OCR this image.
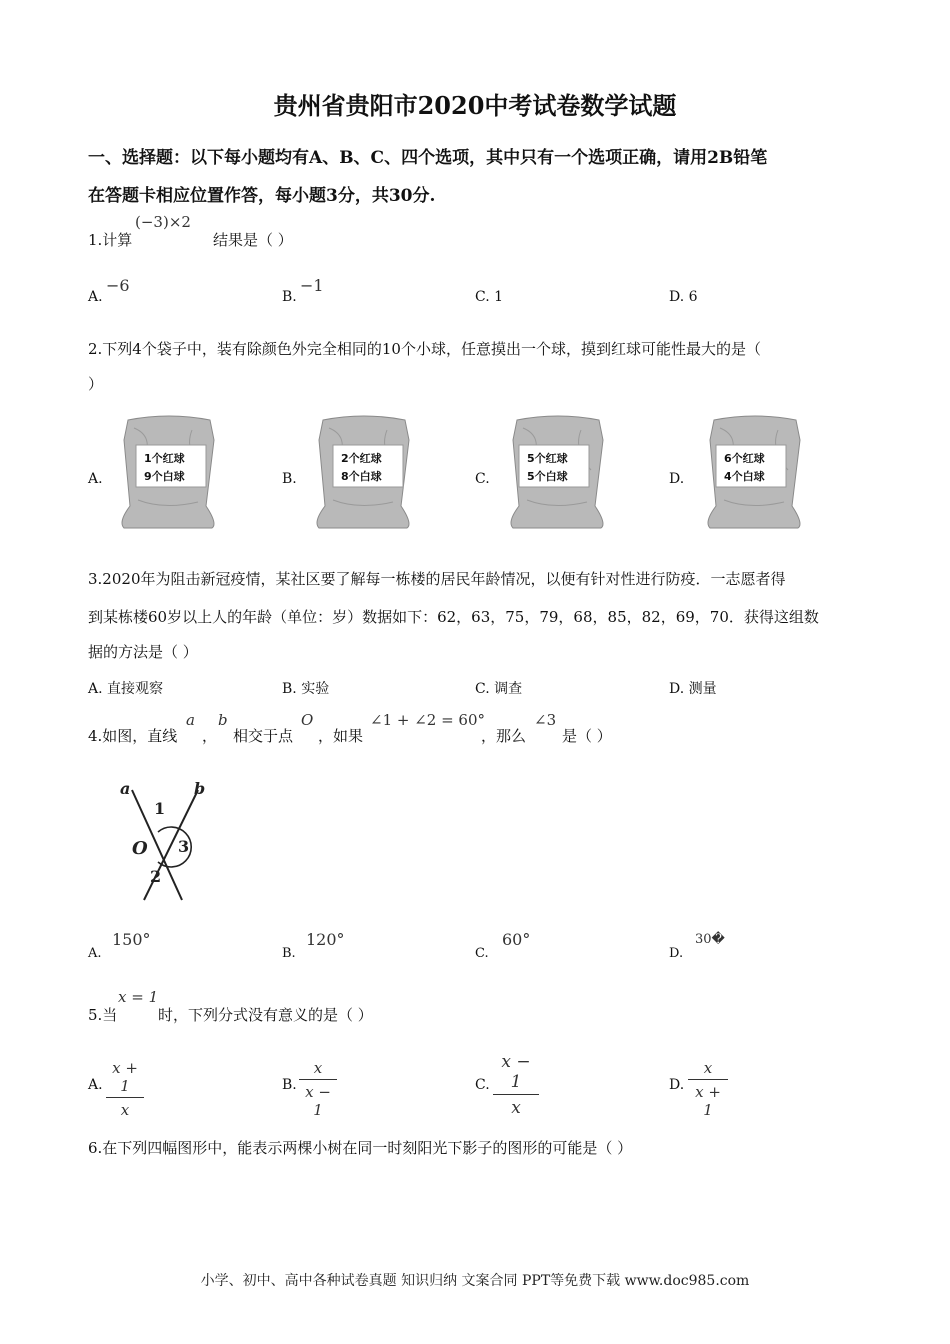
贵州省贵阳市2020中考试卷数学试题
一、选择题：以下每小题均有A、B、C、四个选项，其中只有一个选项正确，请用2B铅笔
在答题卡相应位置作答，每小题3分，共30分.
1.计算
(−3)×2
结果是（ ）
A.
−6
B.
−1
C. 1	D. 6
2.下列4个袋子中，装有除颜色外完全相同的10个小球，任意摸出一个球，摸到红球可能性最大的是（
）
A.	B.	C.	D.
1个红球
9个白球
2个红球
8个白球
5个红球
5个白球
6个红球
4个白球
3.2020年为阻击新冠疫情，某社区要了解每一栋楼的居民年龄情况，以便有针对性进行防疫．一志愿者得
到某栋楼60岁以上人的年龄（单位：岁）数据如下：62，63，75，79，68，85，82，69，70．获得这组数
据的方法是（ ）
A. 直接观察	B. 实验	C. 调查	D. 测量
4.如图，直线
a
，
b
相交于点
O
，如果
∠1 + ∠2 = 60°
，那么
∠3
是（ ）
a	b
1
O 3
2
A.
150°
B.
120°
C.
60°
D.
30�
5.当
x = 1
时，下列分式没有意义的是（ ）
A. $\frac{x + 1}{x}$	B. $\frac{x}{x - 1}$	C. $\frac{x - 1}{x}$	D. $\frac{x}{x + 1}$
6.在下列四幅图形中，能表示两棵小树在同一时刻阳光下影子的图形的可能是（ ）
小学、初中、高中各种试卷真题 知识归纳 文案合同 PPT等免费下载 www.doc985.com
